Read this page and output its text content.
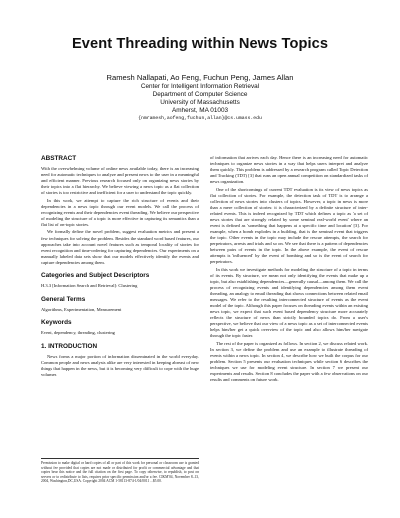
Event Threading within News Topics
Ramesh Nallapati, Ao Feng, Fuchun Peng, James Allan
Center for Intelligent Information Retrieval
Department of Computer Science
University of Massachusetts
Amherst, MA 01003
{nmramesh,aofeng,fuchun,allan}@cs.umass.edu
ABSTRACT

With the overwhelming volume of online news available today, there is an increasing need for automatic techniques to analyze and present news to the user in a meaningful and efficient manner. Previous research focused only on organizing news stories by their topics into a flat hierarchy. We believe viewing a news topic as a flat collection of stories is too restrictive and inefficient for a user to understand the topic quickly.

In this work, we attempt to capture the rich structure of events and their dependencies in a news topic through our event models. We call the process of recognizing events and their dependencies event threading. We believe our perspective of modeling the structure of a topic is more effective in capturing its semantics than a flat list of on-topic stories.

We formally define the novel problem, suggest evaluation metrics and present a few techniques for solving the problem. Besides the standard word based features, our approaches take into account novel features such as temporal locality of stories for event recognition and time-ordering for capturing dependencies. Our experiments on a manually labeled data sets show that our models effectively identify the events and capture dependencies among them.

Categories and Subject Descriptors

H.3.3 [Information Search and Retrieval]: Clustering

General Terms

Algorithms, Experimentation, Measurement

Keywords

Event, dependency, threading, clustering

1. INTRODUCTION

News forms a major portion of information disseminated in the world everyday. Common people and news analysts alike are very interested in keeping abreast of new things that happen in the news, but it is becoming very difficult to cope with the huge volumes

Permission to make digital or hard copies of all or part of this work for personal or classroom use is granted without fee provided that copies are not made or distributed for profit or commercial advantage and that copies bear this notice and the full citation on the first page. To copy otherwise, to republish, to post on servers or to redistribute to lists, requires prior specific permission and/or a fee. CIKM'04, November 8–13, 2004, Washington,DC,USA. Copyright 2004 ACM 1-58113-874-1/04/0011 ...$5.00.

of information that arrives each day. Hence there is an increasing need for automatic techniques to organize news stories in a way that helps users interpret and analyze them quickly. This problem is addressed by a research program called Topic Detection and Tracking (TDT) [3] that runs an open annual competition on standardized tasks of news organization.

One of the shortcomings of current TDT evaluation is its view of news topics as flat collection of stories. For example, the detection task of TDT is to arrange a collection of news stories into clusters of topics. However, a topic in news is more than a mere collection of stories: it is characterized by a definite structure of inter-related events. This is indeed recognized by TDT which defines a topic as 'a set of news stories that are strongly related by some seminal real-world event' where an event is defined as 'something that happens at a specific time and location' [3]. For example, when a bomb explodes in a building, that is the seminal event that triggers the topic. Other events in the topic may include the rescue attempts, the search for perpetrators, arrests and trials and so on. We see that there is a pattern of dependencies between pairs of events in the topic. In the above example, the event of rescue attempts is 'influenced' by the event of bombing and so is the event of search for perpetrators.

In this work we investigate methods for modeling the structure of a topic in terms of its events. By structure, we mean not only identifying the events that make up a topic, but also establishing dependencies—generally causal—among them. We call the process of recognizing events and identifying dependencies among them event threading, an analogy to email threading that shows connections between related email messages. We refer to the resulting interconnected structure of events as the event model of the topic. Although this paper focuses on threading events within an existing news topic, we expect that such event based dependency structure more accurately reflects the structure of news than strictly bounded topics do. From a user's perspective, we believe that our view of a news topic as a set of interconnected events helps him/her get a quick overview of the topic and also allows him/her navigate through the topic faster.

The rest of the paper is organized as follows. In section 2, we discuss related work. In section 3, we define the problem and use an example to illustrate threading of events within a news topic. In section 4, we describe how we built the corpus for our problem. Section 5 presents our evaluation techniques while section 6 describes the techniques we use for modeling event structure. In section 7 we present our experiments and results. Section 8 concludes the paper with a few observations on our results and comments on future work.
